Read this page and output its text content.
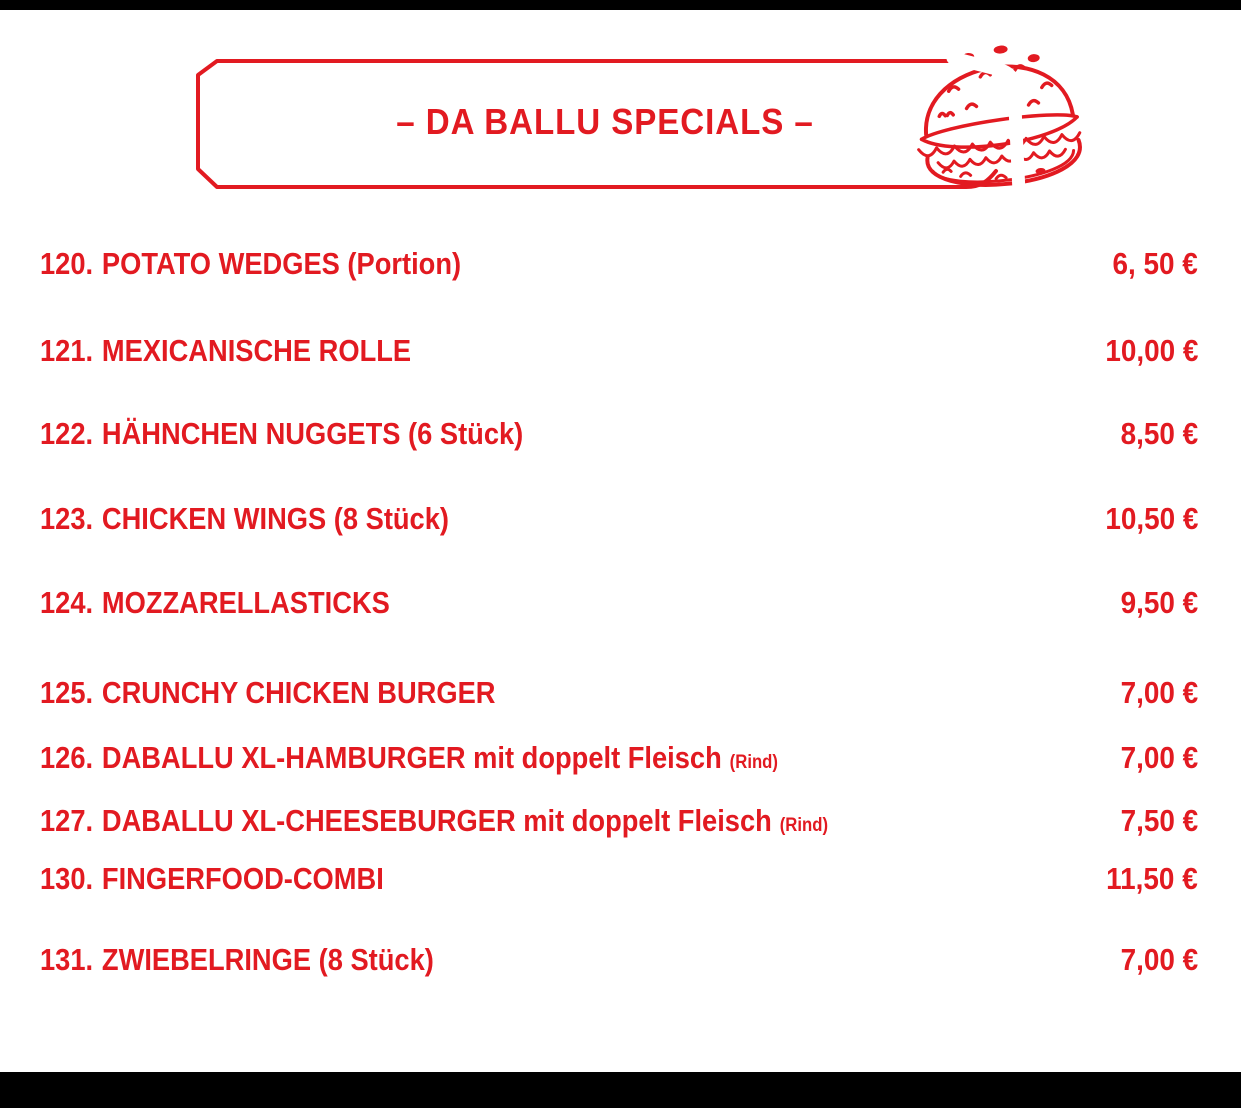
– DA BALLU SPECIALS –
120. POTATO WEDGES (Portion)	6, 50 €
121. MEXICANISCHE ROLLE	10,00 €
122. HÄHNCHEN NUGGETS (6 Stück)	8,50 €
123. CHICKEN WINGS (8 Stück)	10,50 €
124. MOZZARELLASTICKS	9,50 €
125. CRUNCHY CHICKEN BURGER	7,00 €
126. DABALLU XL-HAMBURGER mit doppelt Fleisch (Rind)	7,00 €
127. DABALLU XL-CHEESEBURGER mit doppelt Fleisch (Rind)	7,50 €
130. FINGERFOOD-COMBI	11,50 €
131. ZWIEBELRINGE (8 Stück)	7,00 €
